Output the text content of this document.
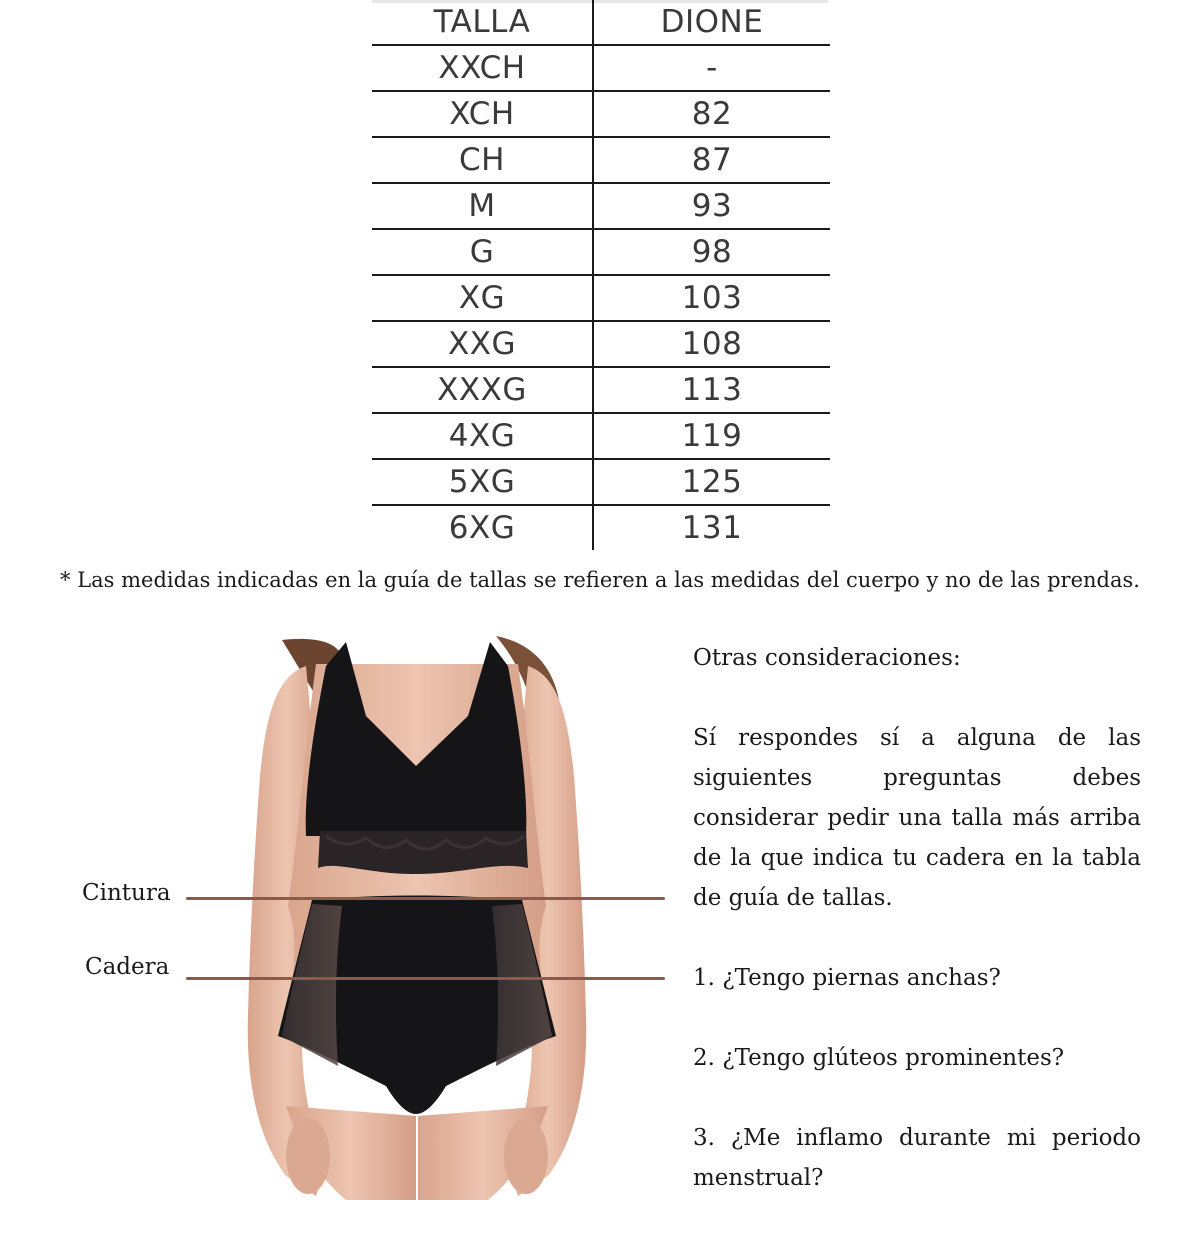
TALLA	DIONE
XXCH	-
XCH	82
CH	87
M	93
G	98
XG	103
XXG	108
XXXG	113
4XG	119
5XG	125
6XG	131
* Las medidas indicadas en la guía de tallas se refieren a las medidas del cuerpo y no de las prendas.
Cintura
Cadera

Otras consideraciones:

Sí respondes sí a alguna de las siguientes preguntas debes considerar pedir una talla más arriba de la que indica tu cadera en la tabla de guía de tallas.

1. ¿Tengo piernas anchas?

2. ¿Tengo glúteos prominentes?

3. ¿Me inflamo durante mi periodo menstrual?
